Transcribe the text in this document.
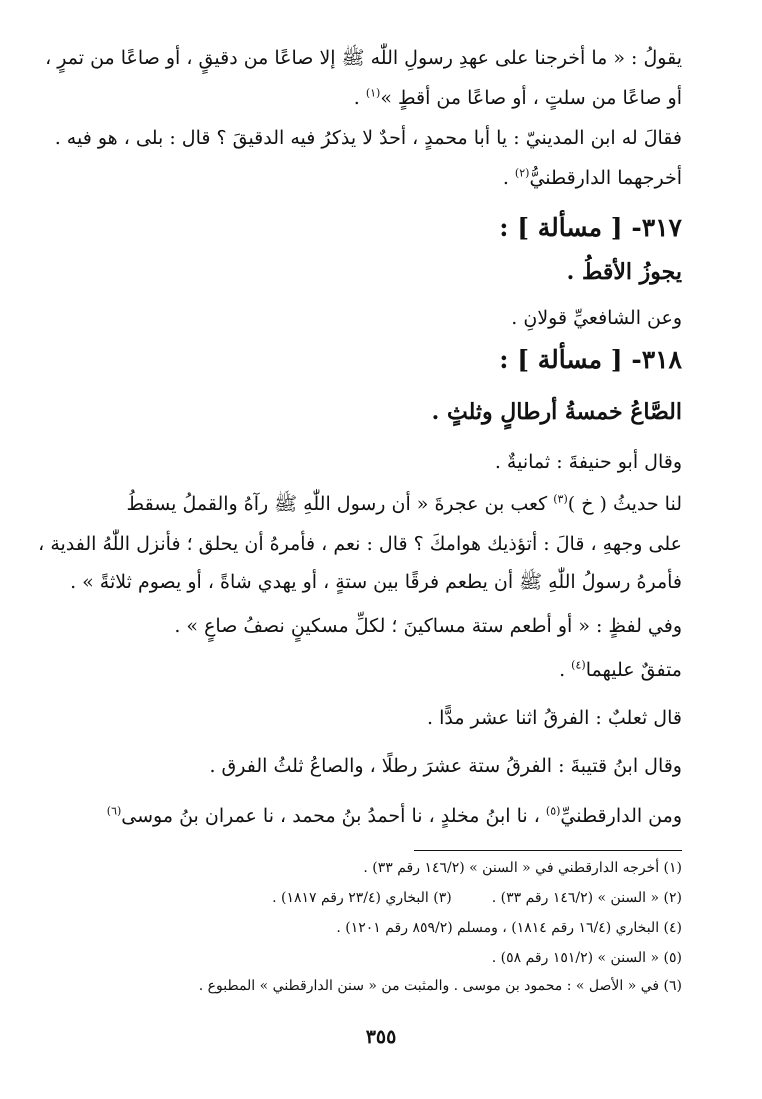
يقولُ : « ما أخرجنا على عهدِ رسولِ اللّٰه ﷺ إلا صاعًا من دقيقٍ ، أو صاعًا من تمرٍ ،
أو صاعًا من سلتٍ ، أو صاعًا من أقطٍ »$^{(١)}$ .
فقالَ له ابن المدينيّ : يا أبا محمدٍ ، أحدٌ لا يذكرُ فيه الدقيقَ ؟ قال : بلى ، هو فيه .
أخرجهما الدارقطنيُّ$^{(٢)}$ .
٣١٧- [ مسألة ] :
يجوزُ الأقطُ .
وعن الشافعيِّ قولانِ .
٣١٨- [ مسألة ] :
الصَّاعُ خمسةُ أرطالٍ وثلثٍ .
وقال أبو حنيفةَ : ثمانيةٌ .
لنا حديثُ ( خ )$^{(٣)}$ كعب بن عجرةَ « أن رسول اللّٰهِ ﷺ رآهُ والقملُ يسقطُ
على وجههِ ، قالَ : أتؤذيك هوامكَ ؟ قال : نعم ، فأمرهُ أن يحلق ؛ فأنزل اللّٰهُ الفدية ،
فأمرهُ رسولُ اللّٰهِ ﷺ أن يطعم فرقًا بين ستةٍ ، أو يهدي شاةً ، أو يصوم ثلاثةً » .
وفي لفظٍ : « أو أطعم ستة مساكينَ ؛ لكلِّ مسكينٍ نصفُ صاعٍ » .
متفقٌ عليهما$^{(٤)}$ .
قال ثعلبٌ : الفرقُ اثنا عشر مدًّا .
وقال ابنُ قتيبةَ : الفرقُ ستة عشرَ رطلًا ، والصاعُ ثلثُ الفرق .
ومن الدارقطنيِّ$^{(٥)}$ ، نا ابنُ مخلدٍ ، نا أحمدُ بنُ محمد ، نا عمران بنُ موسى$^{(٦)}$
(١) أخرجه الدارقطني في « السنن » (١٤٦/٢ رقم ٣٣) .
(٢) « السنن » (١٤٦/٢ رقم ٣٣) .
(٣) البخاري (٢٣/٤ رقم ١٨١٧) .
(٤) البخاري (١٦/٤ رقم ١٨١٤) ، ومسلم (٨٥٩/٢ رقم ١٢٠١) .
(٥) « السنن » (١٥١/٢ رقم ٥٨) .
(٦) في « الأصل » : محمود بن موسى . والمثبت من « سنن الدارقطني » المطبوع .
٣٥٥
